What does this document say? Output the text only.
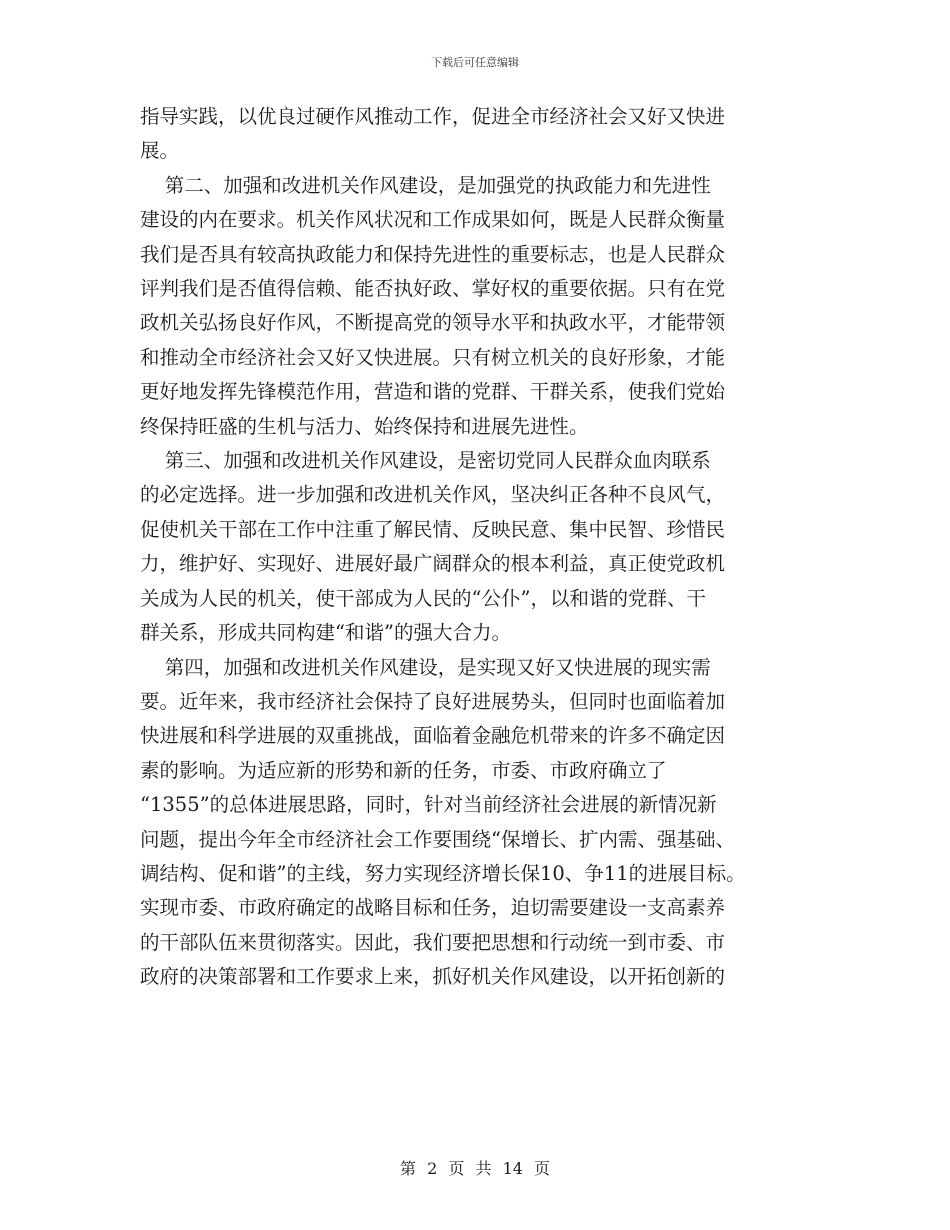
下载后可任意编辑

指导实践，以优良过硬作风推动工作，促进全市经济社会又好又快进
展。

第二、加强和改进机关作风建设，是加强党的执政能力和先进性
建设的内在要求。机关作风状况和工作成果如何，既是人民群众衡量
我们是否具有较高执政能力和保持先进性的重要标志，也是人民群众
评判我们是否值得信赖、能否执好政、掌好权的重要依据。只有在党
政机关弘扬良好作风，不断提高党的领导水平和执政水平，才能带领
和推动全市经济社会又好又快进展。只有树立机关的良好形象，才能
更好地发挥先锋模范作用，营造和谐的党群、干群关系，使我们党始
终保持旺盛的生机与活力、始终保持和进展先进性。

第三、加强和改进机关作风建设，是密切党同人民群众血肉联系
的必定选择。进一步加强和改进机关作风，坚决纠正各种不良风气，
促使机关干部在工作中注重了解民情、反映民意、集中民智、珍惜民
力，维护好、实现好、进展好最广阔群众的根本利益，真正使党政机
关成为人民的机关，使干部成为人民的“公仆”，以和谐的党群、干
群关系，形成共同构建“和谐”的强大合力。

第四，加强和改进机关作风建设，是实现又好又快进展的现实需
要。近年来，我市经济社会保持了良好进展势头，但同时也面临着加
快进展和科学进展的双重挑战，面临着金融危机带来的许多不确定因
素的影响。为适应新的形势和新的任务，市委、市政府确立了
“1355”的总体进展思路，同时，针对当前经济社会进展的新情况新
问题，提出今年全市经济社会工作要围绕“保增长、扩内需、强基础、
调结构、促和谐”的主线，努力实现经济增长保10、争11的进展目标。
实现市委、市政府确定的战略目标和任务，迫切需要建设一支高素养
的干部队伍来贯彻落实。因此，我们要把思想和行动统一到市委、市
政府的决策部署和工作要求上来，抓好机关作风建设，以开拓创新的

第 2 页 共 14 页
